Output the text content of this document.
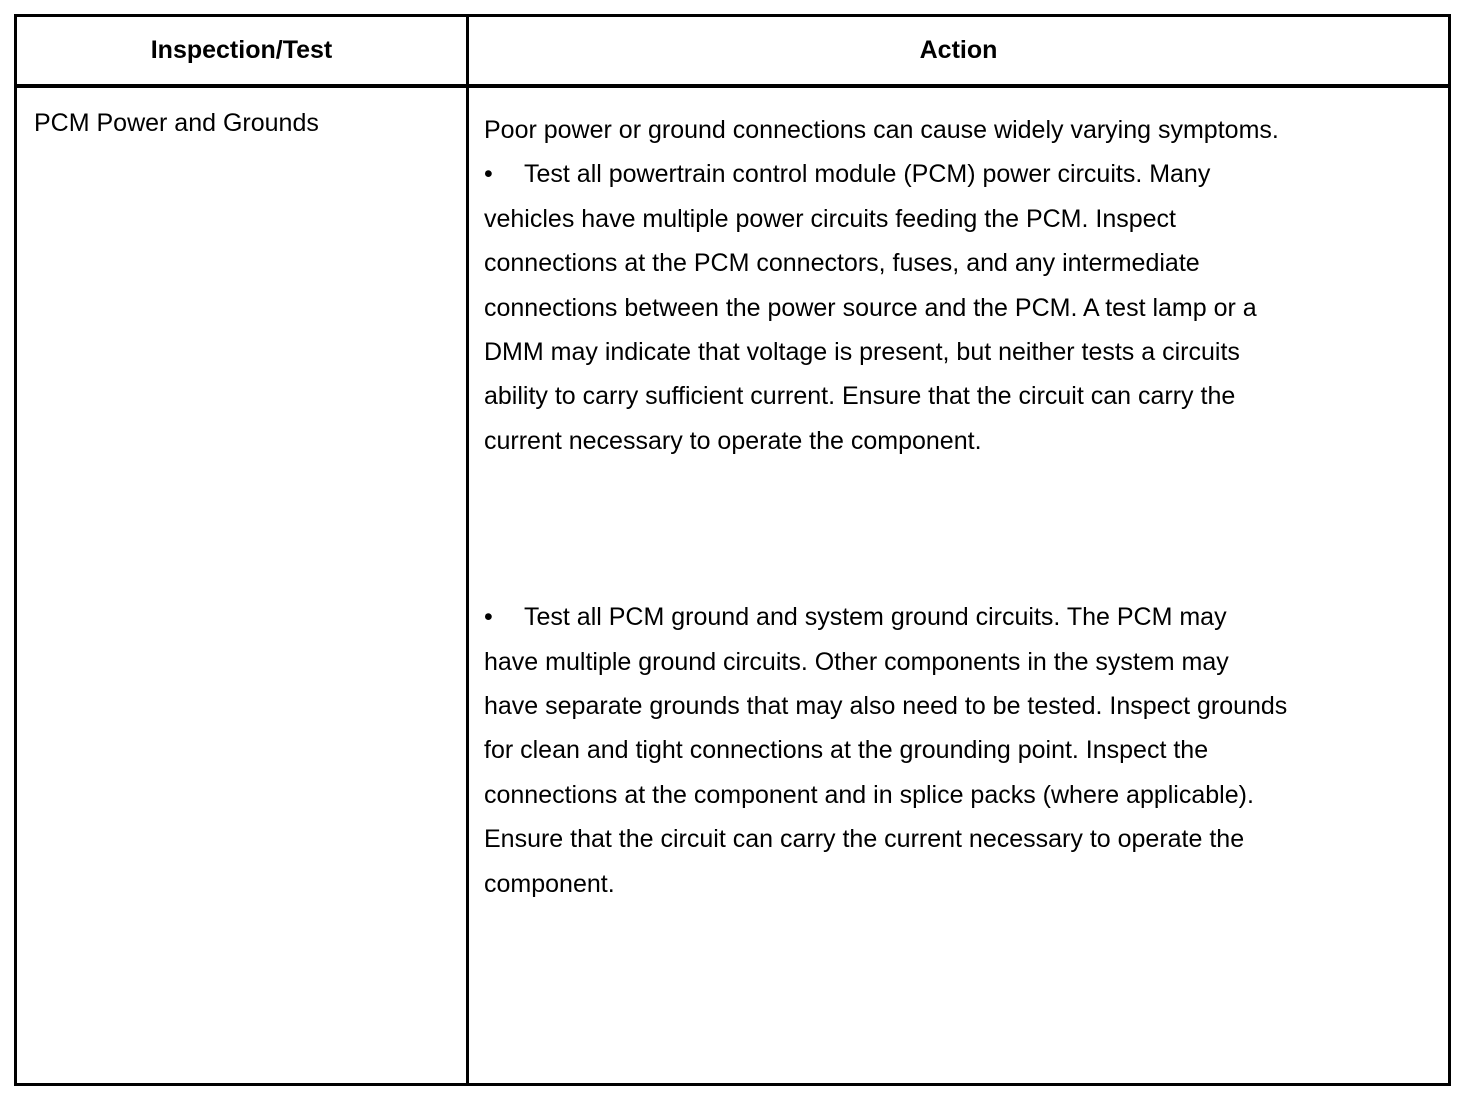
Inspection/Test	Action
PCM Power and Grounds	Poor power or ground connections can cause widely varying symptoms.
• Test all powertrain control module (PCM) power circuits. Many
vehicles have multiple power circuits feeding the PCM. Inspect
connections at the PCM connectors, fuses, and any intermediate
connections between the power source and the PCM. A test lamp or a
DMM may indicate that voltage is present, but neither tests a circuits
ability to carry sufficient current. Ensure that the circuit can carry the
current necessary to operate the component.
• Test all PCM ground and system ground circuits. The PCM may
have multiple ground circuits. Other components in the system may
have separate grounds that may also need to be tested. Inspect grounds
for clean and tight connections at the grounding point. Inspect the
connections at the component and in splice packs (where applicable).
Ensure that the circuit can carry the current necessary to operate the
component.
